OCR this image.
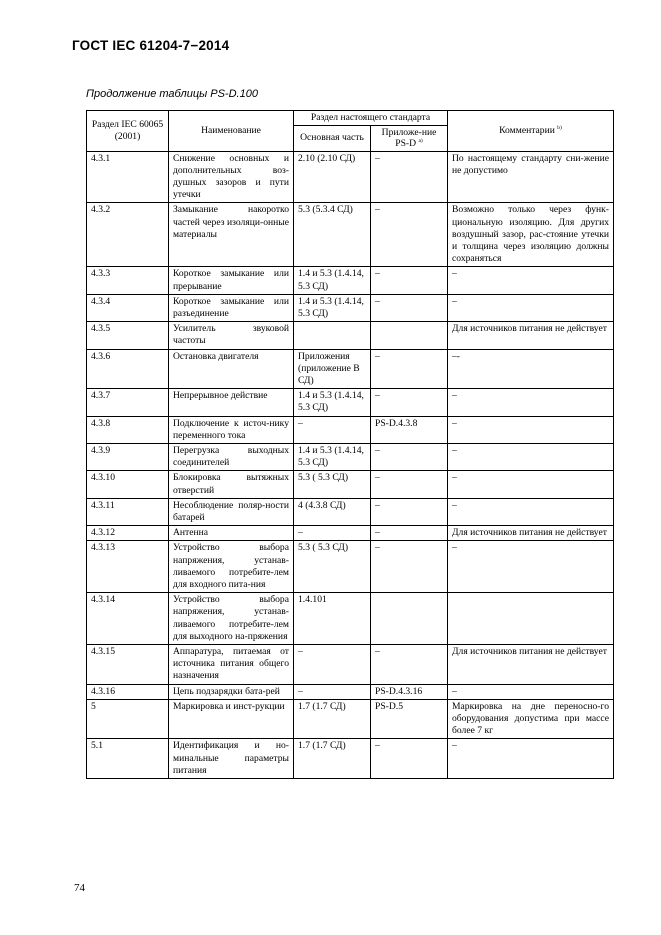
ГОСТ IEC 61204-7−2014
Продолжение таблицы PS-D.100
Раздел IEC 60065 (2001)	Наименование	Раздел настоящего стандарта		Комментарии $^{b)}$
		Основная часть	Приложе-ние PS-D $^{a)}$
4.3.1	Снижение основных и дополнительных воз-душных зазоров и пути утечки	2.10 (2.10 СД)	–	По настоящему стандарту сни-жение не допустимо
4.3.2	Замыкание накоротко частей через изоляци-онные материалы	5.3 (5.3.4 СД)	–	Возможно только через функ-циональную изоляцию. Для других воздушный зазор, рас-стояние утечки и толщина через изоляцию должны сохраняться
4.3.3	Короткое замыкание или прерывание	1.4 и 5.3 (1.4.14, 5.3 СД)	–	–
4.3.4	Короткое замыкание или разъединение	1.4 и 5.3 (1.4.14, 5.3 СД)	–	–
4.3.5	Усилитель звуковой частоты			Для источников питания не действует
4.3.6	Остановка двигателя	Приложения (приложение В СД)	–	–-
4.3.7	Непрерывное действие	1.4 и 5.3 (1.4.14, 5.3 СД)	–	–
4.3.8	Подключение к источ-нику переменного тока	–	PS-D.4.3.8	–
4.3.9	Перегрузка выходных соединителей	1.4 и 5.3 (1.4.14, 5.3 СД)	–	–
4.3.10	Блокировка вытяжных отверстий	5.3 ( 5.3 СД)	–	–
4.3.11	Несоблюдение поляр-ности батарей	4 (4.3.8 СД)	–	–
4.3.12	Антенна	–	–	Для источников питания не действует
4.3.13	Устройство выбора напряжения, устанав-ливаемого потребите-лем для входного пита-ния	5.3 ( 5.3 СД)	–	–
4.3.14	Устройство выбора напряжения, устанав-ливаемого потребите-лем для выходного на-пряжения	1.4.101		
4.3.15	Аппаратура, питаемая от источника питания общего назначения	–	–	Для источников питания не действует
4.3.16	Цепь подзарядки бата-рей	–	PS-D.4.3.16	–
5	Маркировка и инст-рукции	1.7 (1.7 СД)	PS-D.5	Маркировка на дне переносно-го оборудования допустима при массе более 7 кг
5.1	Идентификация и но-минальные параметры питания	1.7 (1.7 СД)	–	–
74
